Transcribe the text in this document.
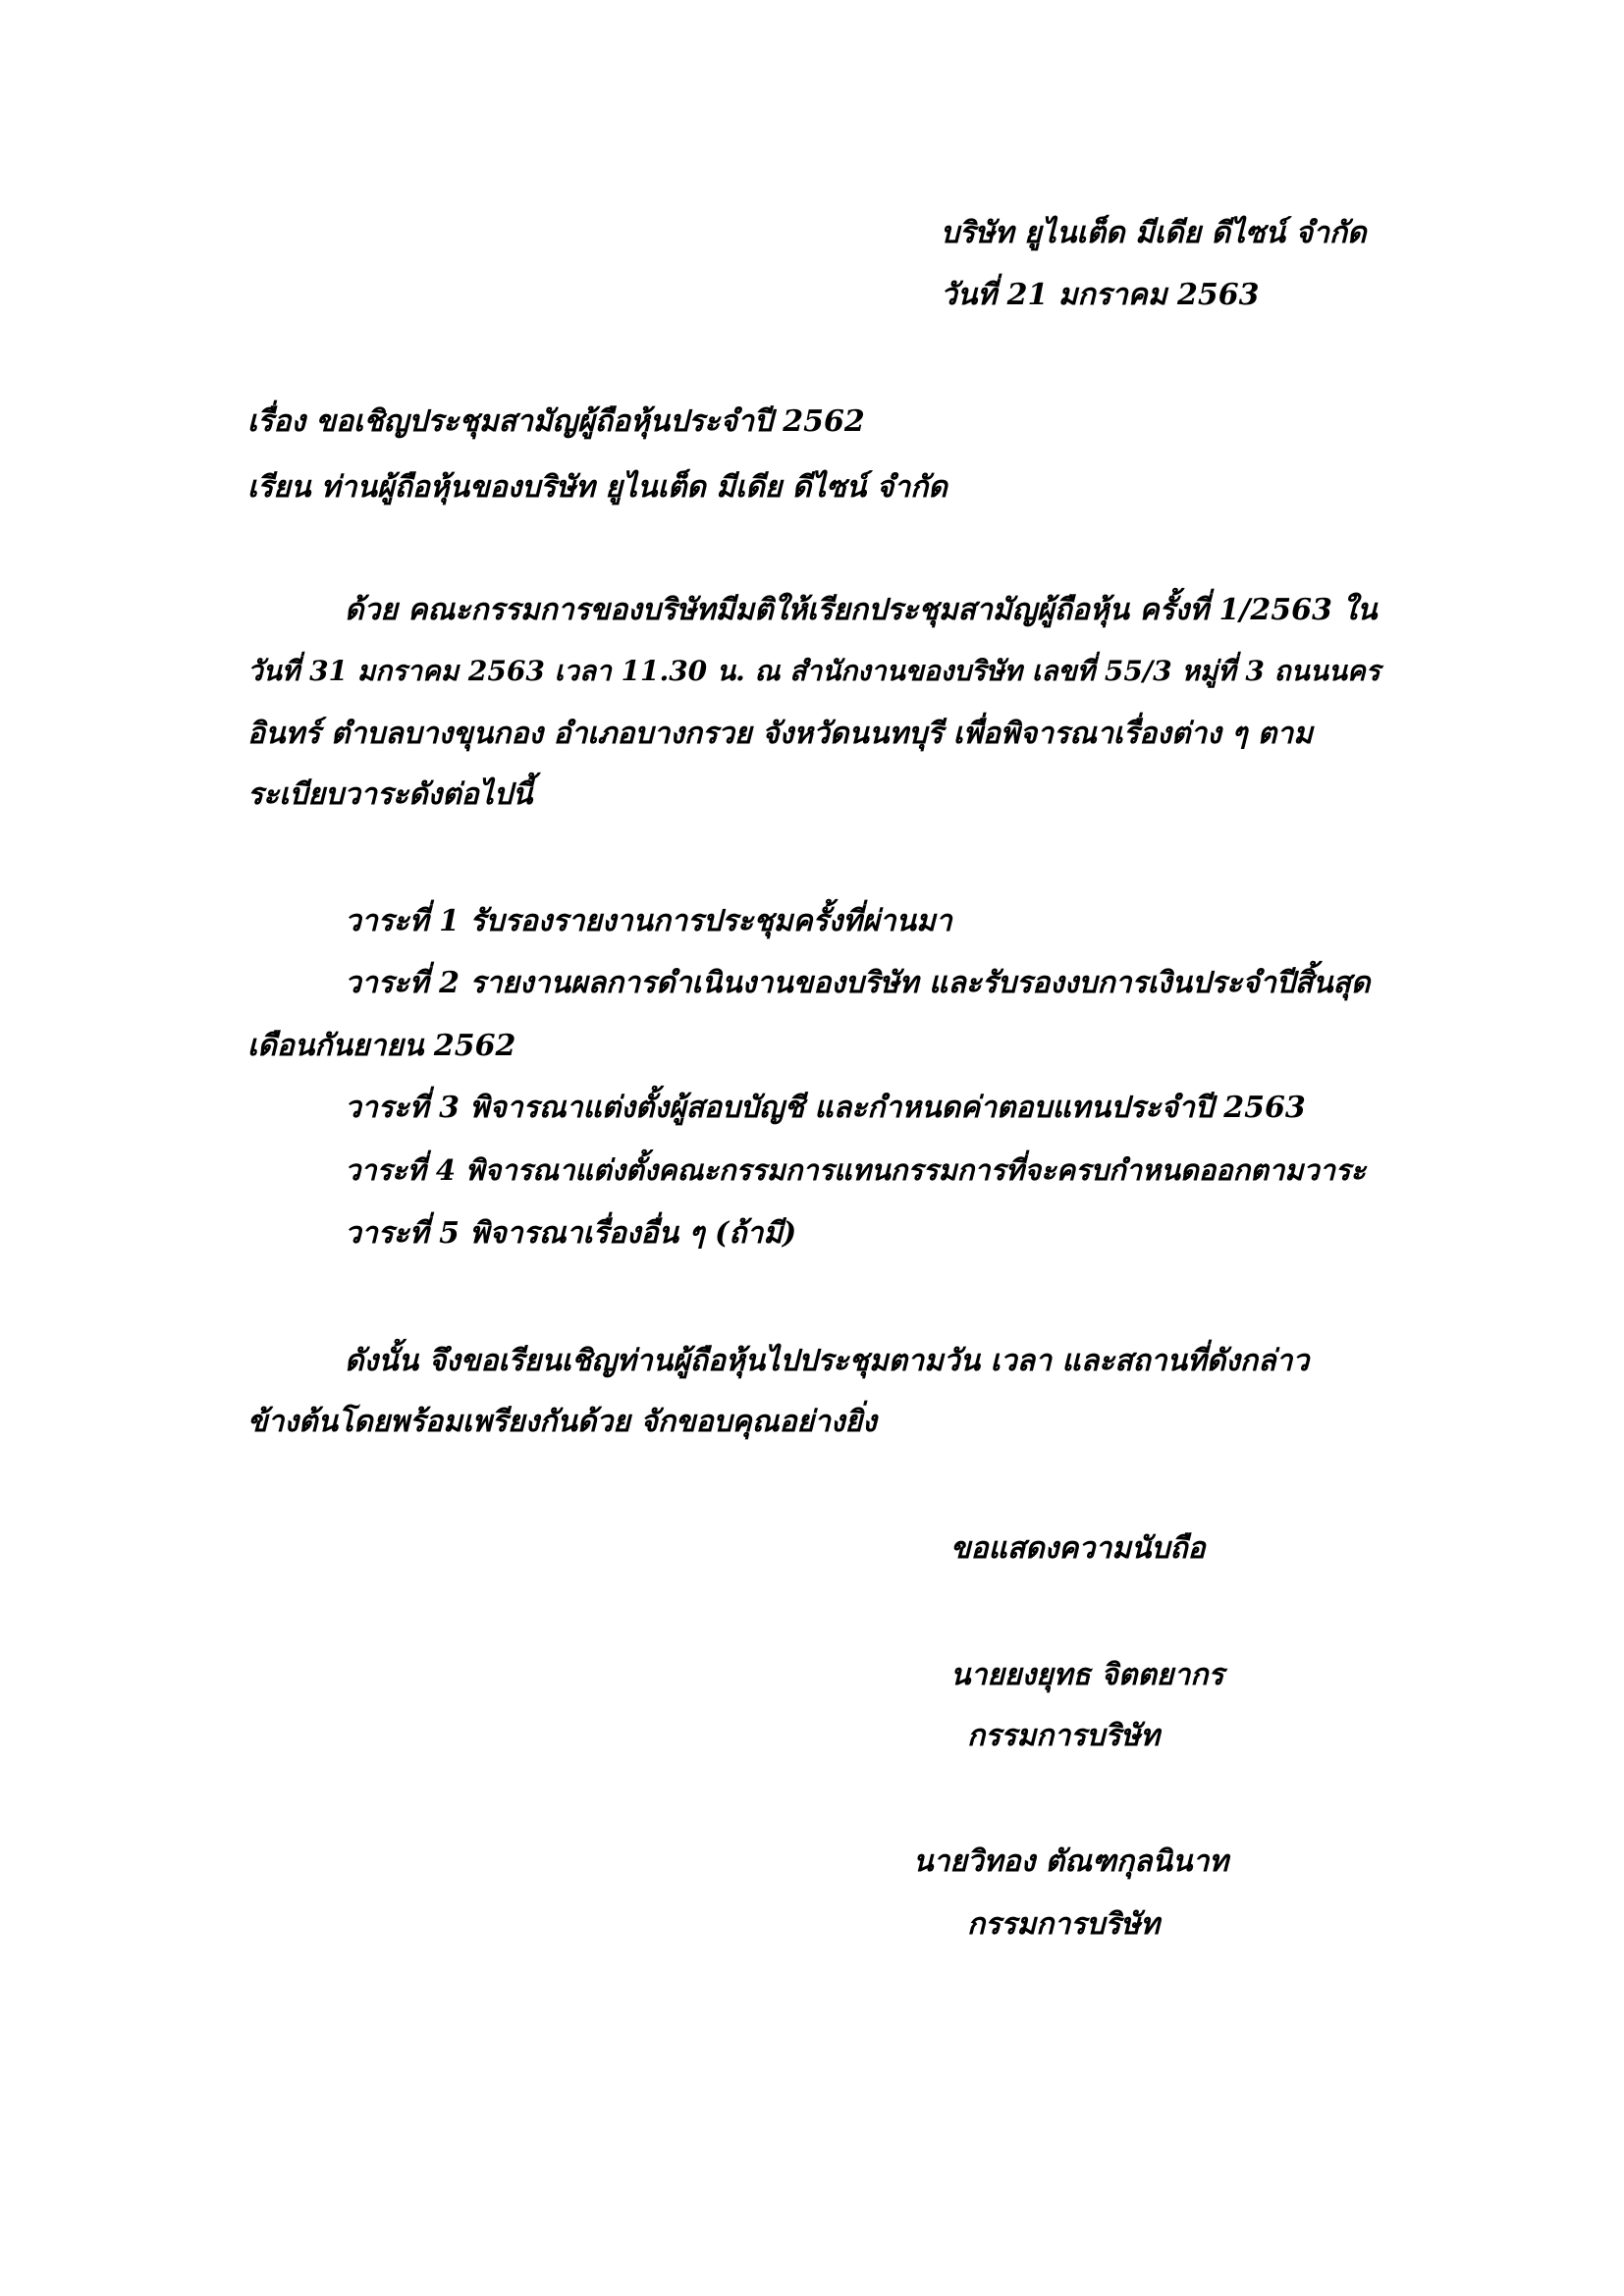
บริษัท ยูไนเต็ด มีเดีย ดีไซน์ จำกัด
วันที่ 21 มกราคม 2563
เรื่อง ขอเชิญประชุมสามัญผู้ถือหุ้นประจำปี 2562
เรียน ท่านผู้ถือหุ้นของบริษัท ยูไนเต็ด มีเดีย ดีไซน์ จำกัด
ด้วย คณะกรรมการของบริษัทมีมติให้เรียกประชุมสามัญผู้ถือหุ้น ครั้งที่ 1/2563 ใน
วันที่ 31 มกราคม 2563 เวลา 11.30 น. ณ สำนักงานของบริษัท เลขที่ 55/3 หมู่ที่ 3 ถนนนคร
อินทร์ ตำบลบางขุนกอง อำเภอบางกรวย จังหวัดนนทบุรี เพื่อพิจารณาเรื่องต่าง ๆ ตาม
ระเบียบวาระดังต่อไปนี้
วาระที่ 1 รับรองรายงานการประชุมครั้งที่ผ่านมา
วาระที่ 2 รายงานผลการดำเนินงานของบริษัท และรับรองงบการเงินประจำปีสิ้นสุด
เดือนกันยายน 2562
วาระที่ 3 พิจารณาแต่งตั้งผู้สอบบัญชี และกำหนดค่าตอบแทนประจำปี 2563
วาระที่ 4 พิจารณาแต่งตั้งคณะกรรมการแทนกรรมการที่จะครบกำหนดออกตามวาระ
วาระที่ 5 พิจารณาเรื่องอื่น ๆ (ถ้ามี)
ดังนั้น จึงขอเรียนเชิญท่านผู้ถือหุ้นไปประชุมตามวัน เวลา และสถานที่ดังกล่าว
ข้างต้นโดยพร้อมเพรียงกันด้วย จักขอบคุณอย่างยิ่ง
ขอแสดงความนับถือ
นายยงยุทธ จิตตยากร
กรรมการบริษัท
นายวิทอง ตัณฑกุลนินาท
กรรมการบริษัท
